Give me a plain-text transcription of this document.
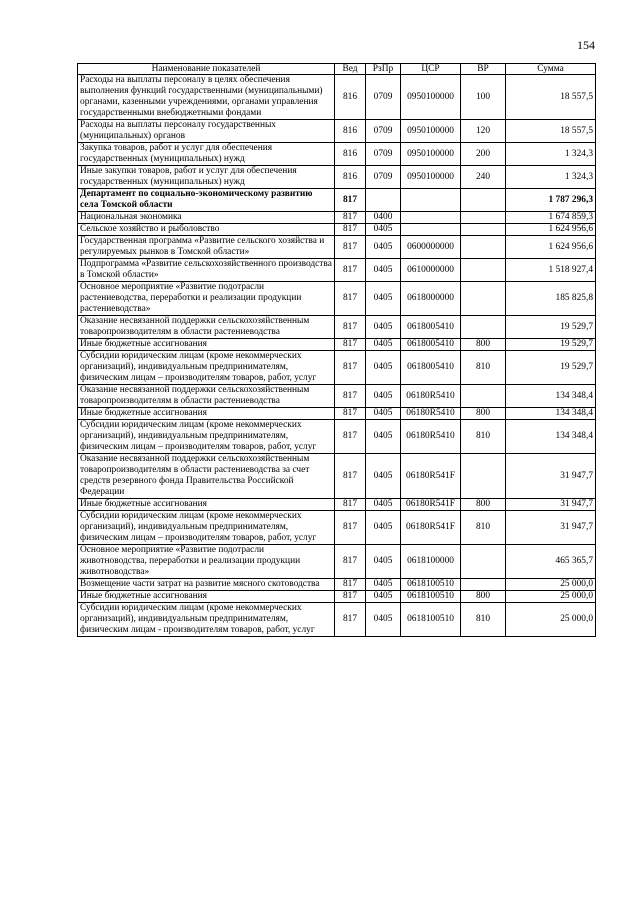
154
Наименование показателей	Вед	РзПр	ЦСР	ВР	Сумма
Расходы на выплаты персоналу в целях обеспечения выполнения функций государственными (муниципальными) органами, казенными учреждениями, органами управления государственными внебюджетными фондами	816	0709	0950100000	100	18 557,5
Расходы на выплаты персоналу государственных (муниципальных) органов	816	0709	0950100000	120	18 557,5
Закупка товаров, работ и услуг для обеспечения государственных (муниципальных) нужд	816	0709	0950100000	200	1 324,3
Иные закупки товаров, работ и услуг для обеспечения государственных (муниципальных) нужд	816	0709	0950100000	240	1 324,3
Департамент по социально-экономическому развитию села Томской области	817				1 787 296,3
Национальная экономика	817	0400			1 674 859,3
Сельское хозяйство и рыболовство	817	0405			1 624 956,6
Государственная программа «Развитие сельского хозяйства и регулируемых рынков в Томской области»	817	0405	0600000000		1 624 956,6
Подпрограмма «Развитие сельскохозяйственного производства в Томской области»	817	0405	0610000000		1 518 927,4
Основное мероприятие «Развитие подотрасли растениеводства, переработки и реализации продукции растениеводства»	817	0405	0618000000		185 825,8
Оказание несвязанной поддержки сельскохозяйственным товаропроизводителям в области растениеводства	817	0405	0618005410		19 529,7
Иные бюджетные ассигнования	817	0405	0618005410	800	19 529,7
Субсидии юридическим лицам (кроме некоммерческих организаций), индивидуальным предпринимателям, физическим лицам – производителям товаров, работ, услуг	817	0405	0618005410	810	19 529,7
Оказание несвязанной поддержки сельскохозяйственным товаропроизводителям в области растениеводства	817	0405	06180R5410		134 348,4
Иные бюджетные ассигнования	817	0405	06180R5410	800	134 348,4
Субсидии юридическим лицам (кроме некоммерческих организаций), индивидуальным предпринимателям, физическим лицам – производителям товаров, работ, услуг	817	0405	06180R5410	810	134 348,4
Оказание несвязанной поддержки сельскохозяйственным товаропроизводителям в области растениеводства за счет средств резервного фонда Правительства Российской Федерации	817	0405	06180R541F		31 947,7
Иные бюджетные ассигнования	817	0405	06180R541F	800	31 947,7
Субсидии юридическим лицам (кроме некоммерческих организаций), индивидуальным предпринимателям, физическим лицам – производителям товаров, работ, услуг	817	0405	06180R541F	810	31 947,7
Основное мероприятие «Развитие подотрасли животноводства, переработки и реализации продукции животноводства»	817	0405	0618100000		465 365,7
Возмещение части затрат на развитие мясного скотоводства	817	0405	0618100510		25 000,0
Иные бюджетные ассигнования	817	0405	0618100510	800	25 000,0
Субсидии юридическим лицам (кроме некоммерческих организаций), индивидуальным предпринимателям, физическим лицам - производителям товаров, работ, услуг	817	0405	0618100510	810	25 000,0
